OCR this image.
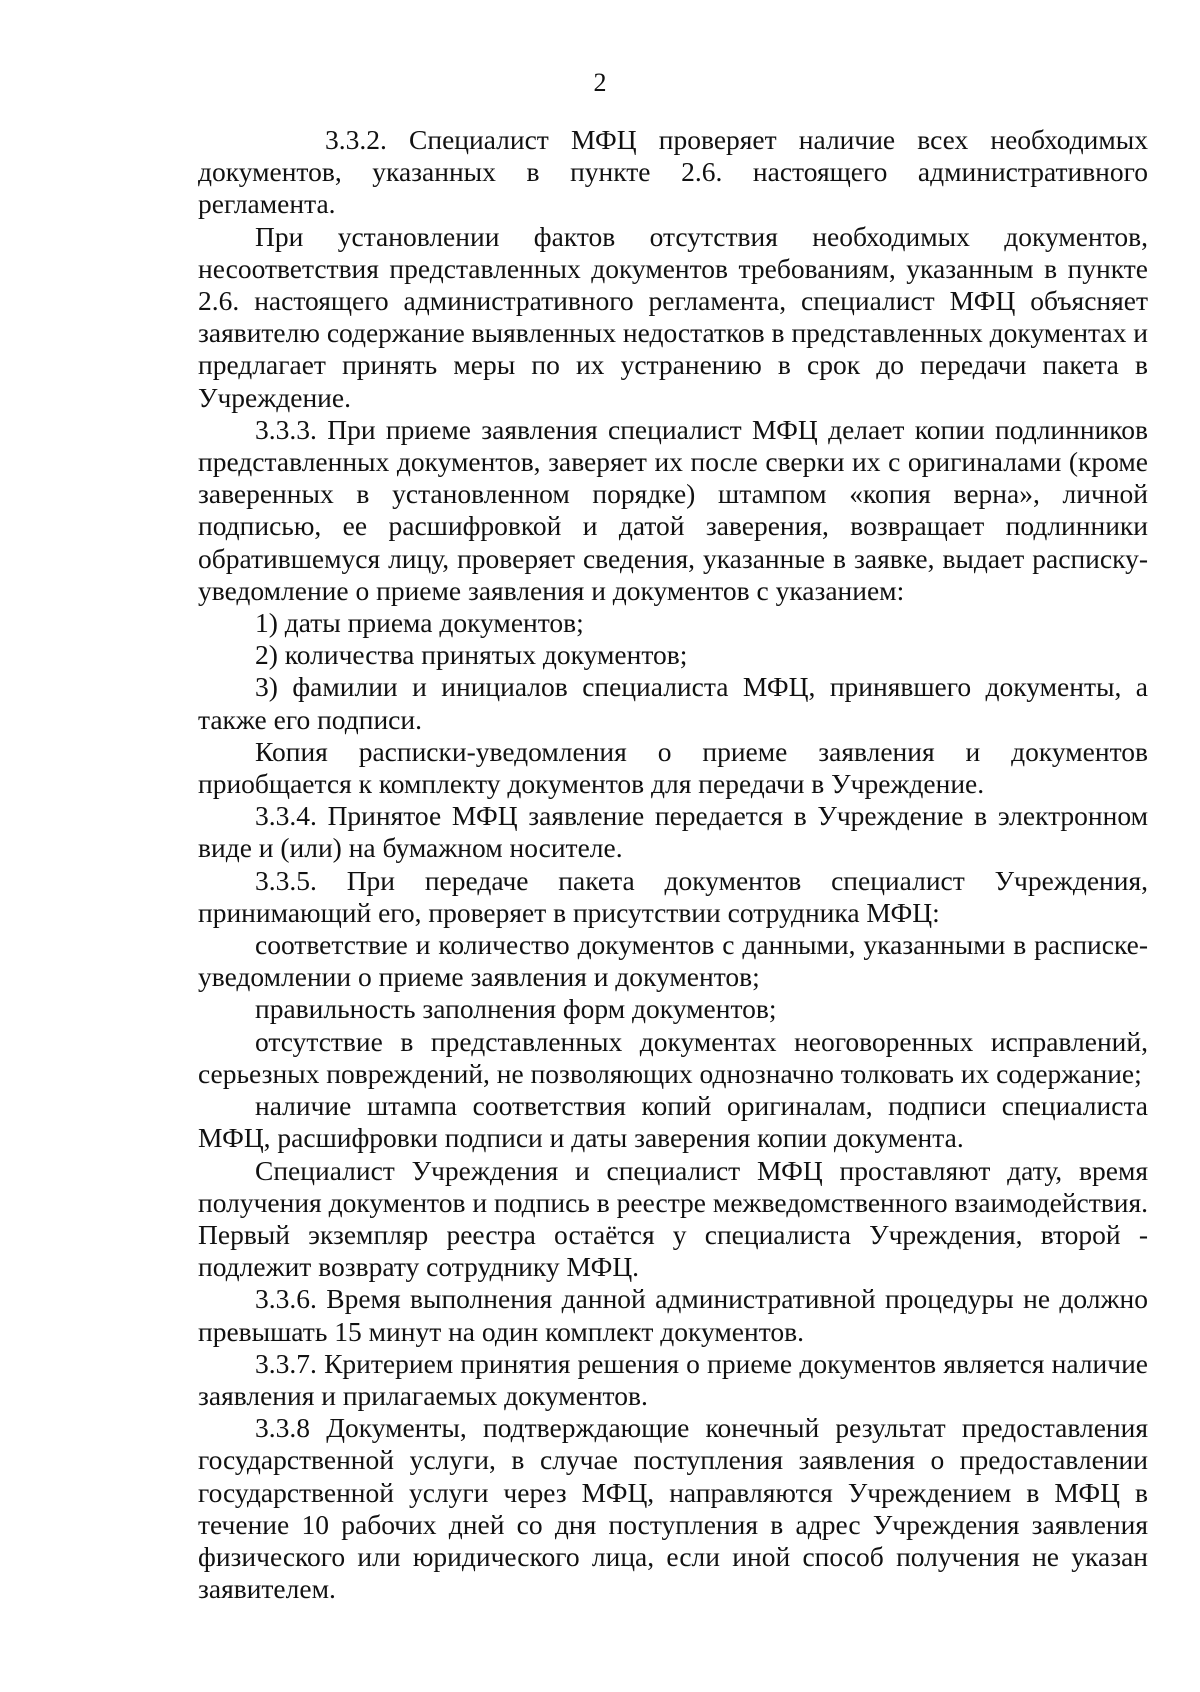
2

3.3.2. Специалист МФЦ проверяет наличие всех необходимых документов, указанных в пункте 2.6. настоящего административного регламента.

При установлении фактов отсутствия необходимых документов, несоответствия представленных документов требованиям, указанным в пункте 2.6. настоящего административного регламента, специалист МФЦ объясняет заявителю содержание выявленных недостатков в представленных документах и предлагает принять меры по их устранению в срок до передачи пакета в Учреждение.

3.3.3. При приеме заявления специалист МФЦ делает копии подлинников представленных документов, заверяет их после сверки их с оригиналами (кроме заверенных в установленном порядке) штампом «копия верна», личной подписью, ее расшифровкой и датой заверения, возвращает подлинники обратившемуся лицу, проверяет сведения, указанные в заявке, выдает расписку-уведомление о приеме заявления и документов с указанием:

1) даты приема документов;

2) количества принятых документов;

3) фамилии и инициалов специалиста МФЦ, принявшего документы, а также его подписи.

Копия расписки-уведомления о приеме заявления и документов приобщается к комплекту документов для передачи в Учреждение.

3.3.4. Принятое МФЦ заявление передается в Учреждение в электронном виде и (или) на бумажном носителе.

3.3.5. При передаче пакета документов специалист Учреждения, принимающий его, проверяет в присутствии сотрудника МФЦ:

соответствие и количество документов с данными, указанными в расписке-уведомлении о приеме заявления и документов;

правильность заполнения форм документов;

отсутствие в представленных документах неоговоренных исправлений, серьезных повреждений, не позволяющих однозначно толковать их содержание;

наличие штампа соответствия копий оригиналам, подписи специалиста МФЦ, расшифровки подписи и даты заверения копии документа.

Специалист Учреждения и специалист МФЦ проставляют дату, время получения документов и подпись в реестре межведомственного взаимодействия. Первый экземпляр реестра остаётся у специалиста Учреждения, второй - подлежит возврату сотруднику МФЦ.

3.3.6. Время выполнения данной административной процедуры не должно превышать 15 минут на один комплект документов.

3.3.7. Критерием принятия решения о приеме документов является наличие заявления и прилагаемых документов.

3.3.8 Документы, подтверждающие конечный результат предоставления государственной услуги, в случае поступления заявления о предоставлении государственной услуги через МФЦ, направляются Учреждением в МФЦ в течение 10 рабочих дней со дня поступления в адрес Учреждения заявления физического или юридического лица, если иной способ получения не указан заявителем.
